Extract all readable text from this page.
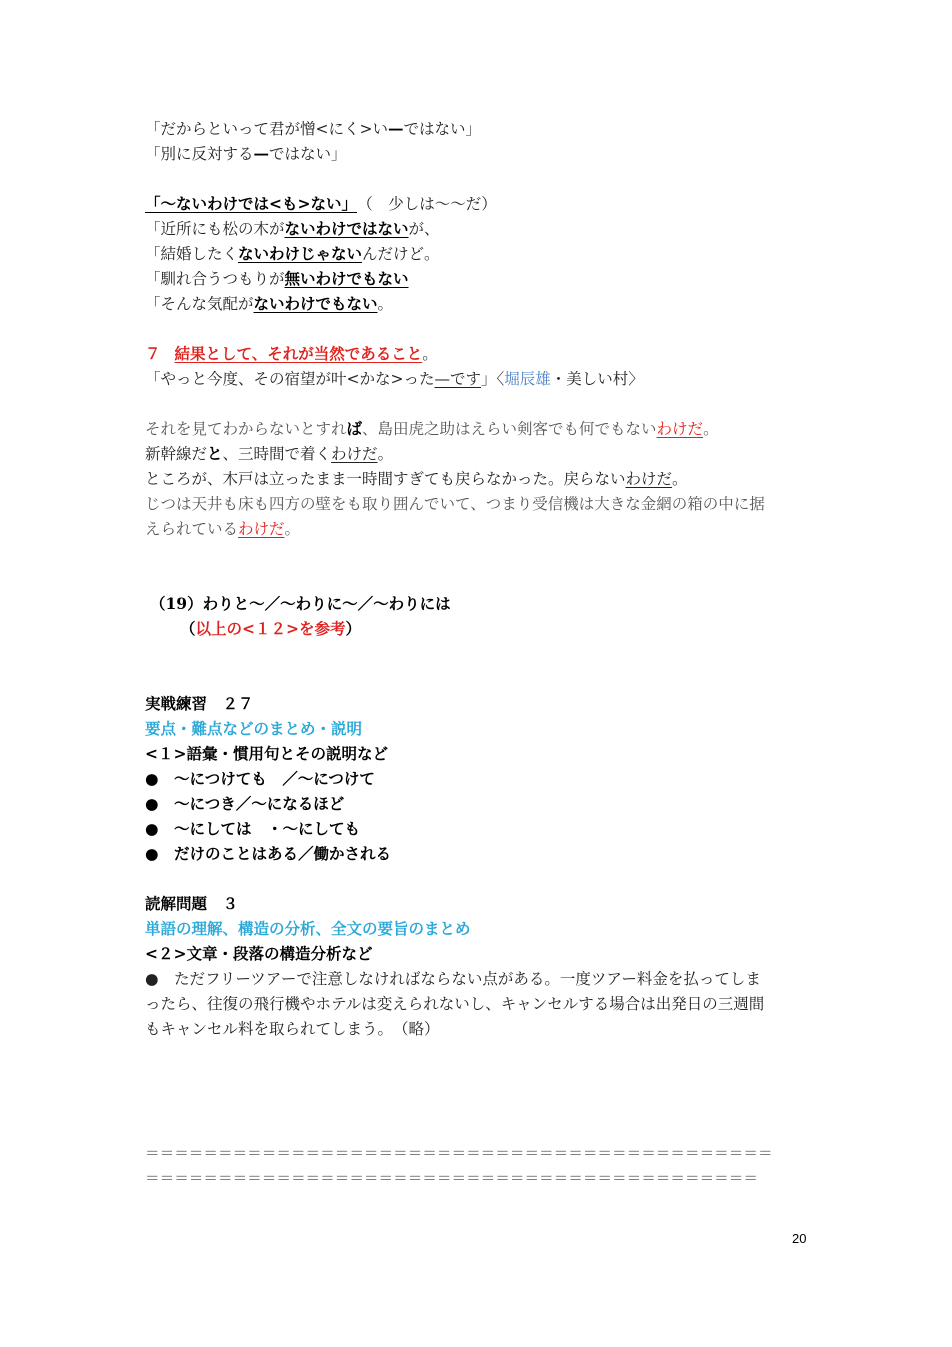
「だからといって君が憎<にく>い—ではない」
「別に反対する—ではない」
「～ないわけでは<も>ない」 （　少しは～～だ）
「近所にも松の木がないわけではないが、
「結婚したくないわけじゃないんだけど。
「馴れ合うつもりが無いわけでもない
「そんな気配がないわけでもない。
７ 結果として、それが当然であること。
「やっと今度、その宿望が叶<かな>った—です」〈堀辰雄・美しい村〉
それを見てわからないとすれば、島田虎之助はえらい剣客でも何でもないわけだ。
新幹線だと、三時間で着くわけだ。
ところが、木戸は立ったまま一時間すぎても戻らなかった。戻らないわけだ。
じつは天井も床も四方の壁をも取り囲んでいて、つまり受信機は大きな金網の箱の中に据
えられているわけだ。
（19）わりと～／～わりに～／～わりには
（以上の<１２>を参考）
実戦練習　２７
要点・難点などのまとめ・説明
<１>語彙・慣用句とその説明など
●　～につけても　／～につけて
●　～につき／～になるほど
●　～にしては　・～にしても
●　だけのことはある／働かされる
読解問題　３
単語の理解、構造の分析、全文の要旨のまとめ
<２>文章・段落の構造分析など
●　ただフリーツアーで注意しなければならない点がある。一度ツアー料金を払ってしま
ったら、往復の飛行機やホテルは変えられないし、キャンセルする場合は出発日の三週間
もキャンセル料を取られてしまう。　（略）
＝＝＝＝＝＝＝＝＝＝＝＝＝＝＝＝＝＝＝＝＝＝＝＝＝＝＝＝＝＝＝＝＝＝＝＝＝＝＝＝＝＝＝
＝＝＝＝＝＝＝＝＝＝＝＝＝＝＝＝＝＝＝＝＝＝＝＝＝＝＝＝＝＝＝＝＝＝＝＝＝＝＝＝＝＝
20
